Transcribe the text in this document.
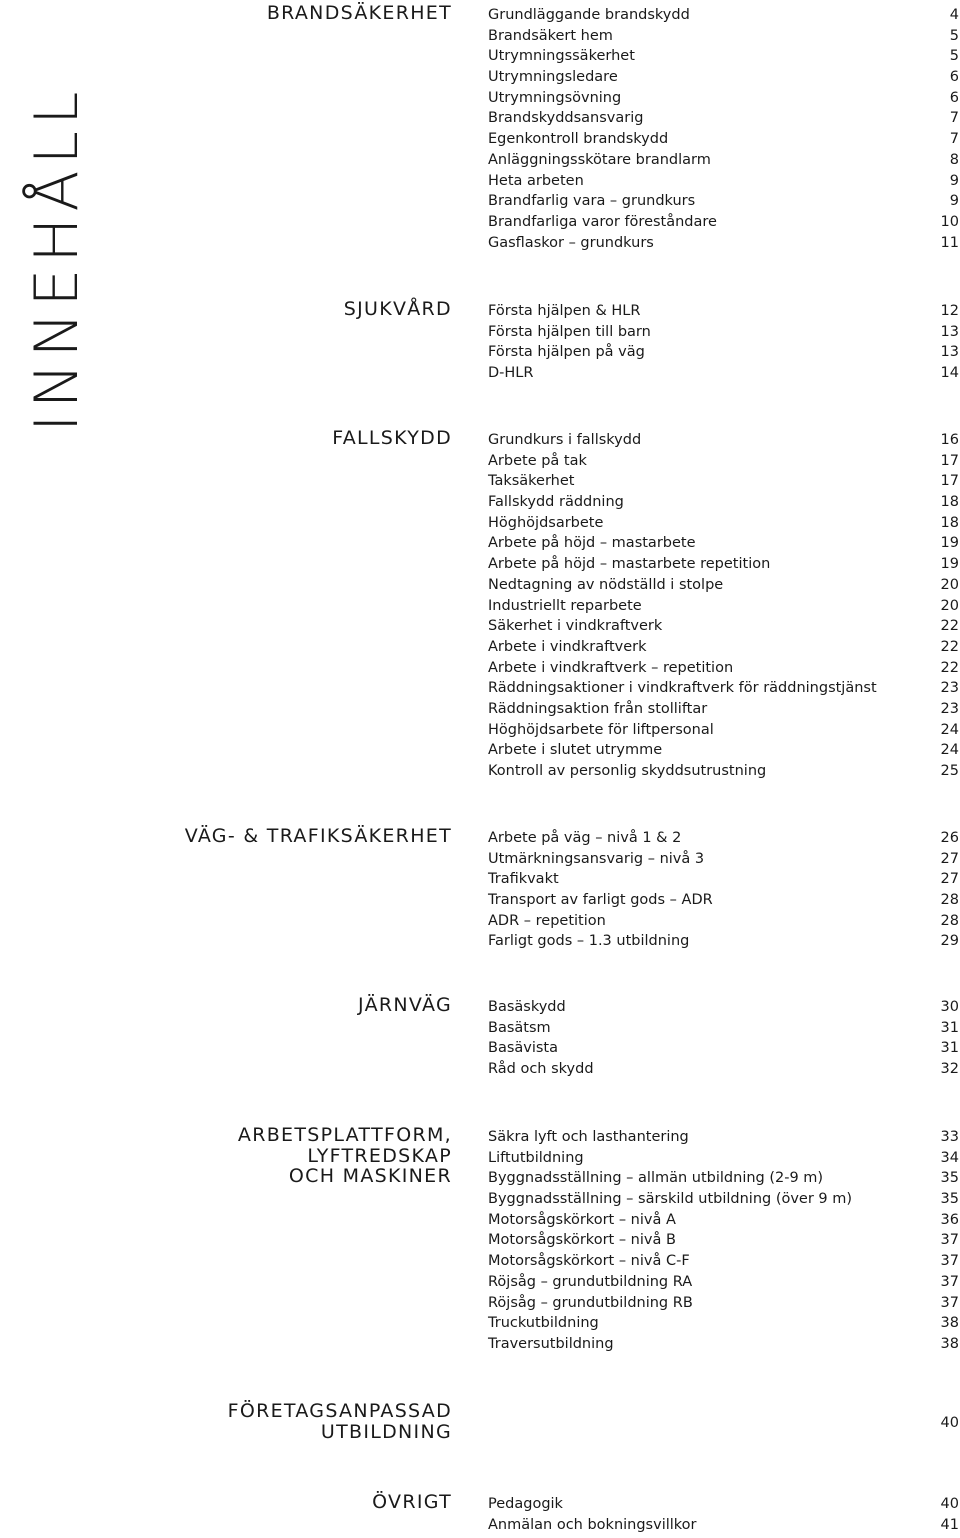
INNEHÅLL
BRANDSÄKERHET Grundläggande brandskydd	4
Brandsäkert hem	5
Utrymningssäkerhet	5
Utrymningsledare	6
Utrymningsövning	6
Brandskyddsansvarig	7
Egenkontroll brandskydd	7
Anläggningsskötare brandlarm	8
Heta arbeten	9
Brandfarlig vara – grundkurs	9
Brandfarliga varor föreståndare	10
Gasflaskor – grundkurs	11
SJUKVÅRD Första hjälpen & HLR	12
Första hjälpen till barn	13
Första hjälpen på väg	13
D-HLR	14
FALLSKYDD Grundkurs i fallskydd	16
Arbete på tak	17
Taksäkerhet	17
Fallskydd räddning	18
Höghöjdsarbete	18
Arbete på höjd – mastarbete	19
Arbete på höjd – mastarbete repetition	19
Nedtagning av nödställd i stolpe	20
Industriellt reparbete	20
Säkerhet i vindkraftverk	22
Arbete i vindkraftverk	22
Arbete i vindkraftverk – repetition	22
Räddningsaktioner i vindkraftverk för räddningstjänst	23
Räddningsaktion från stolliftar	23
Höghöjdsarbete för liftpersonal	24
Arbete i slutet utrymme	24
Kontroll av personlig skyddsutrustning	25
VÄG- & TRAFIKSÄKERHET Arbete på väg – nivå 1 & 2	26
Utmärkningsansvarig – nivå 3	27
Trafikvakt	27
Transport av farligt gods – ADR	28
ADR – repetition	28
Farligt gods – 1.3 utbildning	29
JÄRNVÄG Basäskydd	30
Basätsm	31
Basävista	31
Råd och skydd	32
ARBETSPLATTFORM,
LYFTREDSKAP
OCH MASKINER
Säkra lyft och lasthantering	33
Liftutbildning	34
Byggnadsställning – allmän utbildning (2-9 m)	35
Byggnadsställning – särskild utbildning (över 9 m)	35
Motorsågskörkort – nivå A	36
Motorsågskörkort – nivå B	37
Motorsågskörkort – nivå C-F	37
Röjsåg – grundutbildning RA	37
Röjsåg – grundutbildning RB	37
Truckutbildning	38
Traversutbildning	38
FÖRETAGSANPASSAD
UTBILDNING	40
ÖVRIGT Pedagogik	40
Anmälan och bokningsvillkor	41
